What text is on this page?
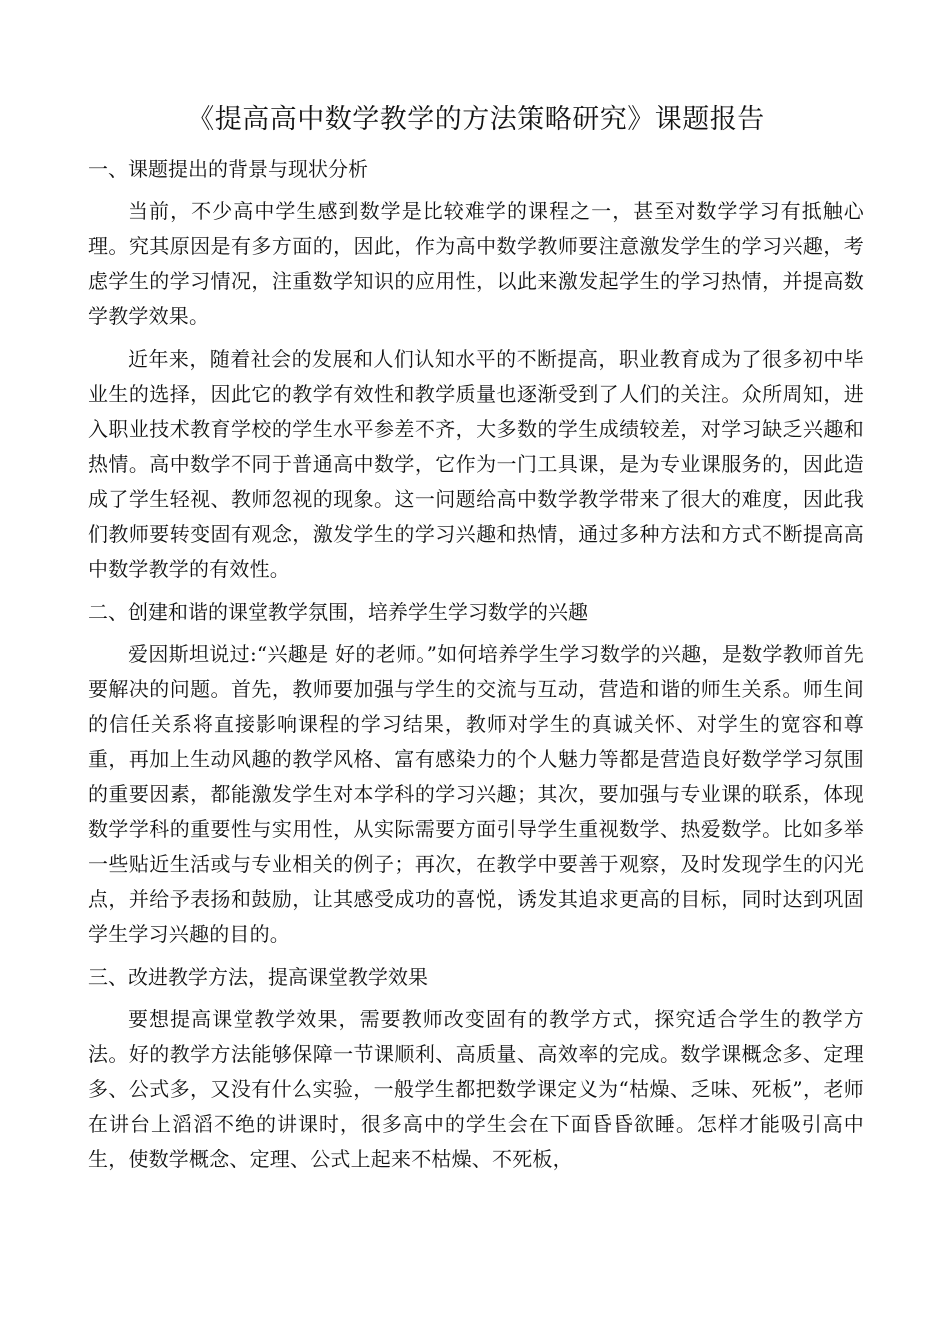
《提高高中数学教学的方法策略研究》课题报告
一、课题提出的背景与现状分析

当前，不少高中学生感到数学是比较难学的课程之一，甚至对数学学习有抵触心理。究其原因是有多方面的，因此，作为高中数学教师要注意激发学生的学习兴趣，考虑学生的学习情况，注重数学知识的应用性，以此来激发起学生的学习热情，并提高数学教学效果。

近年来，随着社会的发展和人们认知水平的不断提高，职业教育成为了很多初中毕业生的选择，因此它的教学有效性和教学质量也逐渐受到了人们的关注。众所周知，进入职业技术教育学校的学生水平参差不齐，大多数的学生成绩较差，对学习缺乏兴趣和热情。高中数学不同于普通高中数学，它作为一门工具课，是为专业课服务的，因此造成了学生轻视、教师忽视的现象。这一问题给高中数学教学带来了很大的难度，因此我们教师要转变固有观念，激发学生的学习兴趣和热情，通过多种方法和方式不断提高高中数学教学的有效性。

二、创建和谐的课堂教学氛围，培养学生学习数学的兴趣

爱因斯坦说过:“兴趣是 好的老师。”如何培养学生学习数学的兴趣，是数学教师首先要解决的问题。首先，教师要加强与学生的交流与互动，营造和谐的师生关系。师生间的信任关系将直接影响课程的学习结果，教师对学生的真诚关怀、对学生的宽容和尊重，再加上生动风趣的教学风格、富有感染力的个人魅力等都是营造良好数学学习氛围的重要因素，都能激发学生对本学科的学习兴趣；其次，要加强与专业课的联系，体现数学学科的重要性与实用性，从实际需要方面引导学生重视数学、热爱数学。比如多举一些贴近生活或与专业相关的例子；再次，在教学中要善于观察，及时发现学生的闪光点，并给予表扬和鼓励，让其感受成功的喜悦，诱发其追求更高的目标，同时达到巩固学生学习兴趣的目的。

三、改进教学方法，提高课堂教学效果

要想提高课堂教学效果，需要教师改变固有的教学方式，探究适合学生的教学方法。好的教学方法能够保障一节课顺利、高质量、高效率的完成。数学课概念多、定理多、公式多，又没有什么实验，一般学生都把数学课定义为“枯燥、乏味、死板”，老师在讲台上滔滔不绝的讲课时，很多高中的学生会在下面昏昏欲睡。怎样才能吸引高中生，使数学概念、定理、公式上起来不枯燥、不死板，
